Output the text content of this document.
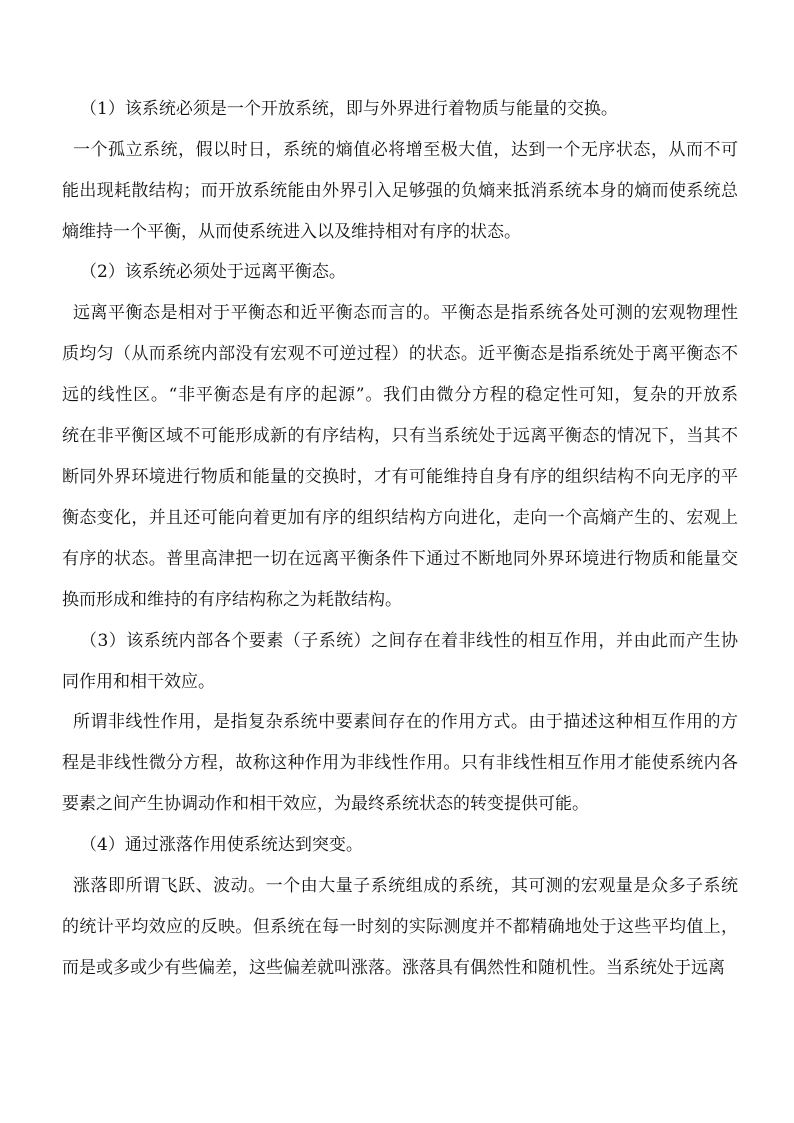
（1）该系统必须是一个开放系统，即与外界进行着物质与能量的交换。
一个孤立系统，假以时日，系统的熵值必将增至极大值，达到一个无序状态，从而不可
能出现耗散结构；而开放系统能由外界引入足够强的负熵来抵消系统本身的熵而使系统总
熵维持一个平衡，从而使系统进入以及维持相对有序的状态。
（2）该系统必须处于远离平衡态。
远离平衡态是相对于平衡态和近平衡态而言的。平衡态是指系统各处可测的宏观物理性
质均匀（从而系统内部没有宏观不可逆过程）的状态。近平衡态是指系统处于离平衡态不
远的线性区。“非平衡态是有序的起源”。我们由微分方程的稳定性可知，复杂的开放系
统在非平衡区域不可能形成新的有序结构，只有当系统处于远离平衡态的情况下，当其不
断同外界环境进行物质和能量的交换时，才有可能维持自身有序的组织结构不向无序的平
衡态变化，并且还可能向着更加有序的组织结构方向进化，走向一个高熵产生的、宏观上
有序的状态。普里高津把一切在远离平衡条件下通过不断地同外界环境进行物质和能量交
换而形成和维持的有序结构称之为耗散结构。
（3）该系统内部各个要素（子系统）之间存在着非线性的相互作用，并由此而产生协
同作用和相干效应。
所谓非线性作用，是指复杂系统中要素间存在的作用方式。由于描述这种相互作用的方
程是非线性微分方程，故称这种作用为非线性作用。只有非线性相互作用才能使系统内各
要素之间产生协调动作和相干效应，为最终系统状态的转变提供可能。
（4）通过涨落作用使系统达到突变。
涨落即所谓飞跃、波动。一个由大量子系统组成的系统，其可测的宏观量是众多子系统
的统计平均效应的反映。但系统在每一时刻的实际测度并不都精确地处于这些平均值上，
而是或多或少有些偏差，这些偏差就叫涨落。涨落具有偶然性和随机性。当系统处于远离
